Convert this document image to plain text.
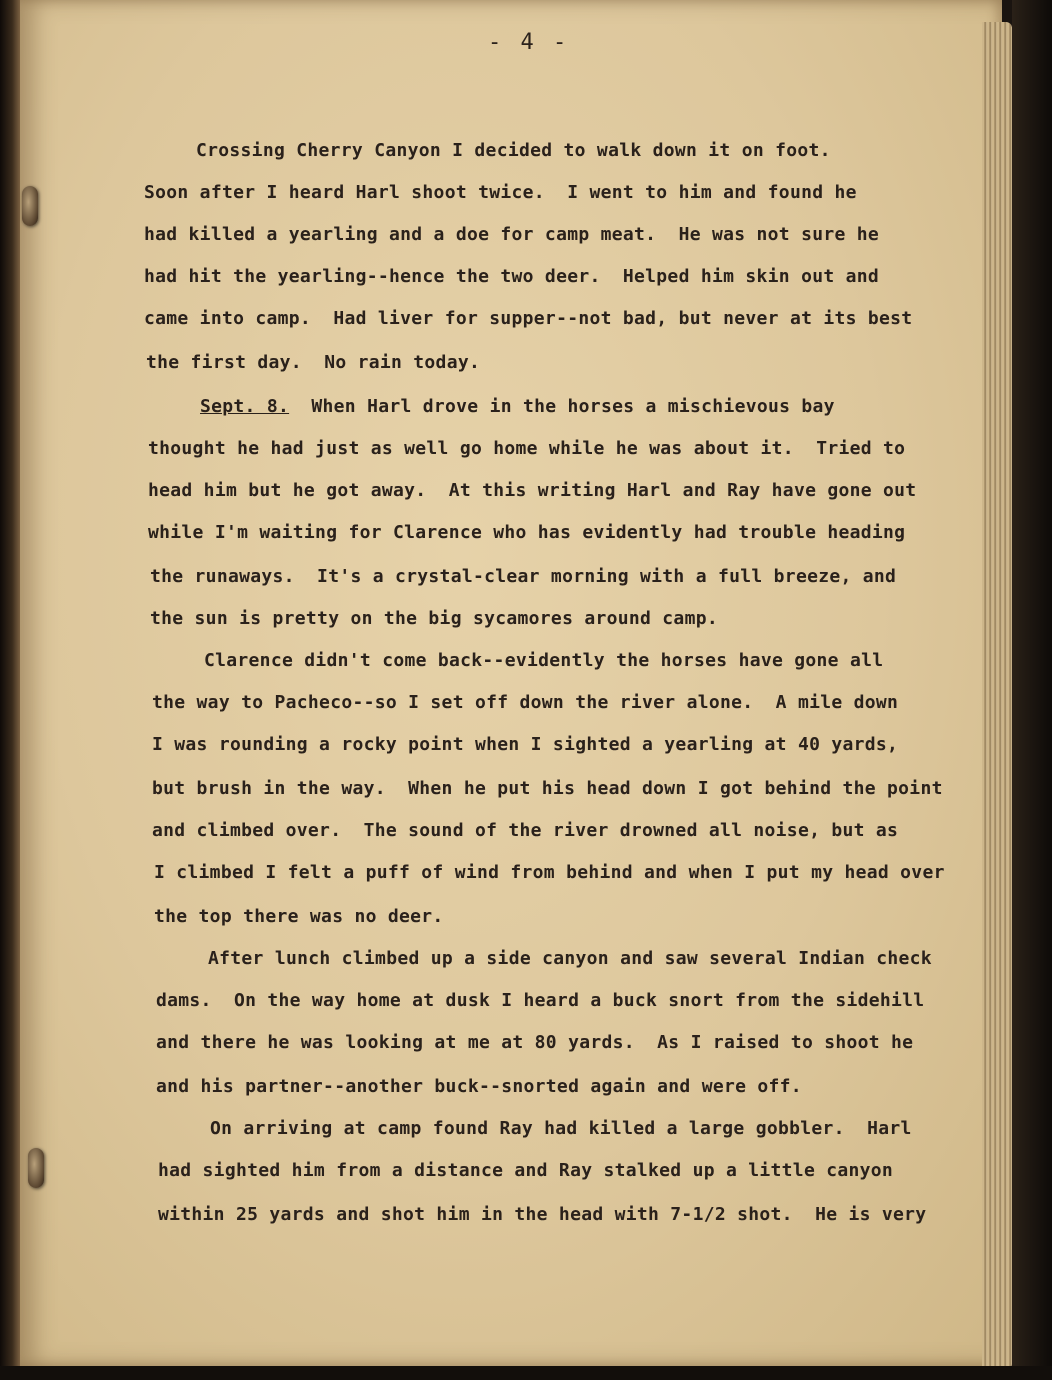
- 4 -
Crossing Cherry Canyon I decided to walk down it on foot.
Soon after I heard Harl shoot twice.  I went to him and found he
had killed a yearling and a doe for camp meat.  He was not sure he
had hit the yearling--hence the two deer.  Helped him skin out and
came into camp.  Had liver for supper--not bad, but never at its best
the first day.  No rain today.
Sept. 8.  When Harl drove in the horses a mischievous bay
thought he had just as well go home while he was about it.  Tried to
head him but he got away.  At this writing Harl and Ray have gone out
while I'm waiting for Clarence who has evidently had trouble heading
the runaways.  It's a crystal-clear morning with a full breeze, and
the sun is pretty on the big sycamores around camp.
Clarence didn't come back--evidently the horses have gone all
the way to Pacheco--so I set off down the river alone.  A mile down
I was rounding a rocky point when I sighted a yearling at 40 yards,
but brush in the way.  When he put his head down I got behind the point
and climbed over.  The sound of the river drowned all noise, but as
I climbed I felt a puff of wind from behind and when I put my head over
the top there was no deer.
After lunch climbed up a side canyon and saw several Indian check
dams.  On the way home at dusk I heard a buck snort from the sidehill
and there he was looking at me at 80 yards.  As I raised to shoot he
and his partner--another buck--snorted again and were off.
On arriving at camp found Ray had killed a large gobbler.  Harl
had sighted him from a distance and Ray stalked up a little canyon
within 25 yards and shot him in the head with 7-1/2 shot.  He is very
